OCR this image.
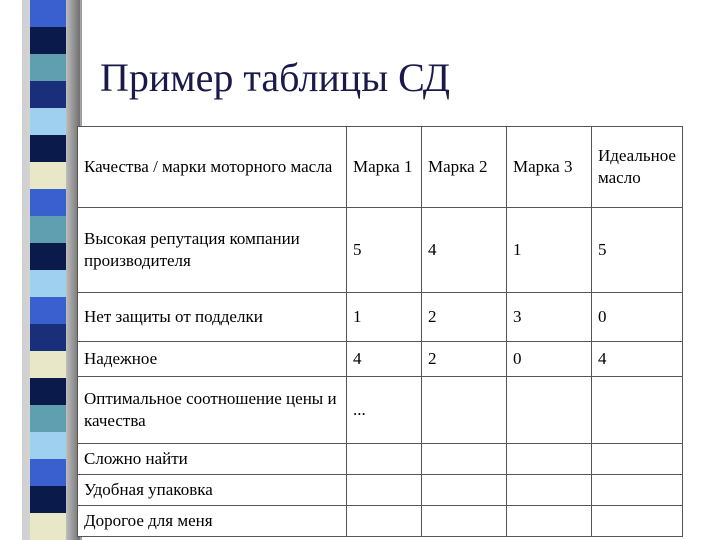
Пример таблицы СД
Качества / марки моторного масла	Марка 1	Марка 2	Марка 3	Идеальное масло
Высокая репутация компании производителя	5	4	1	5
Нет защиты от подделки	1	2	3	0
Надежное	4	2	0	4
Оптимальное соотношение цены и качества	...			
Сложно найти				
Удобная упаковка				
Дорогое для меня				
